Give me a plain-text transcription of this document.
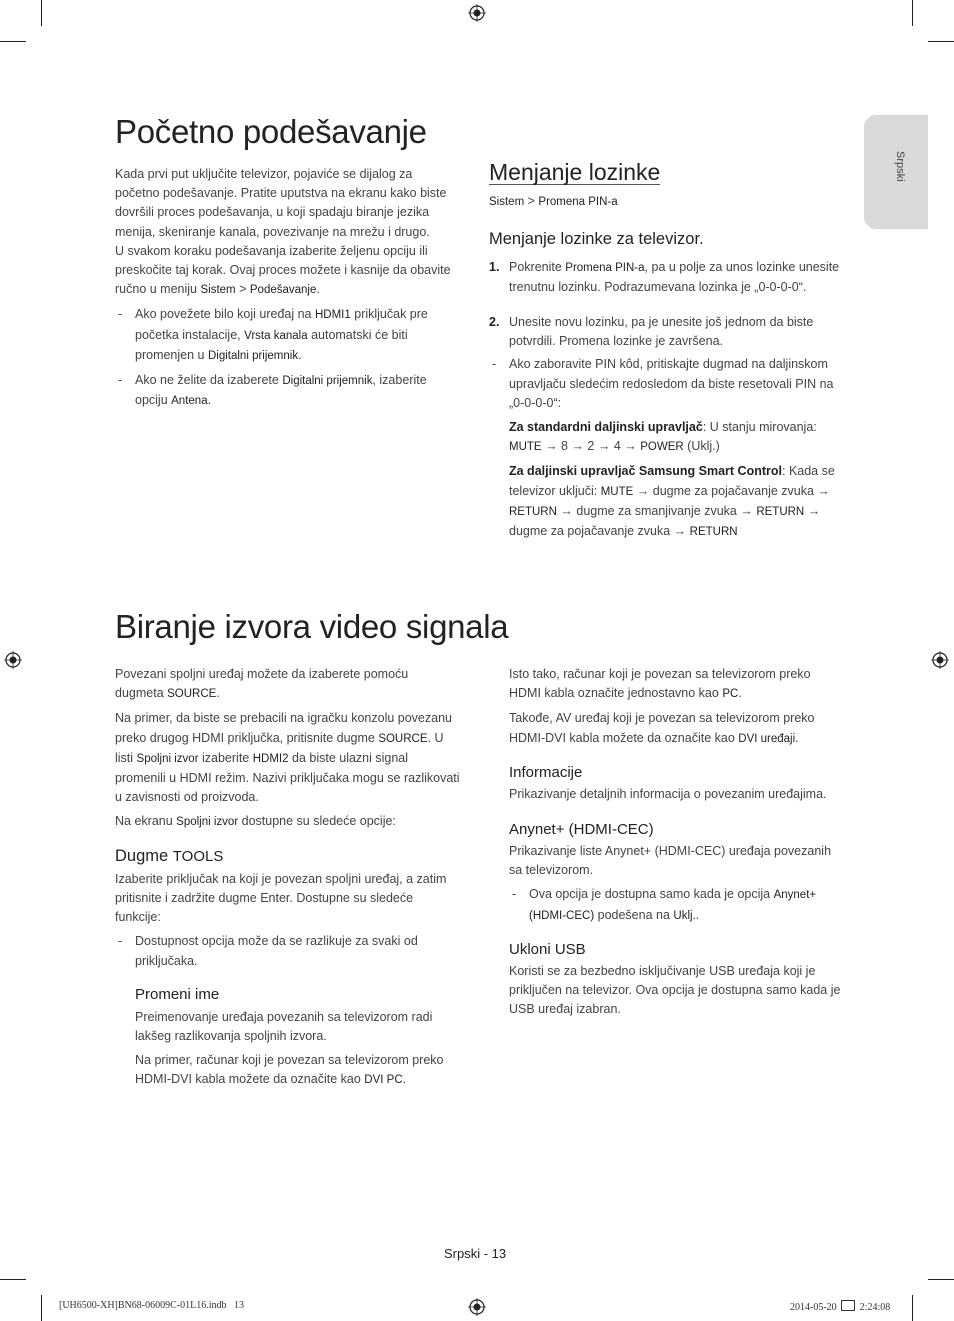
Srpski
Početno podešavanje

Kada prvi put uključite televizor, pojaviće se dijalog za početno podešavanje. Pratite uputstva na ekranu kako biste dovršili proces podešavanja, u koji spadaju biranje jezika menija, skeniranje kanala, povezivanje na mrežu i drugo.

U svakom koraku podešavanja izaberite željenu opciju ili preskočite taj korak. Ovaj proces možete i kasnije da obavite ručno u meniju Sistem > Podešavanje.

- Ako povežete bilo koji uređaj na HDMI1 priključak pre početka instalacije, Vrsta kanala automatski će biti promenjen u Digitalni prijemnik.

- Ako ne želite da izaberete Digitalni prijemnik, izaberite opciju Antena.

Menjanje lozinke

Sistem > Promena PIN-a

Menjanje lozinke za televizor.

1. Pokrenite Promena PIN-a, pa u polje za unos lozinke unesite trenutnu lozinku. Podrazumevana lozinka je „0-0-0-0“.
2. Unesite novu lozinku, pa je unesite još jednom da biste potvrdili. Promena lozinke je završena.

- Ako zaboravite PIN kôd, pritiskajte dugmad na daljinskom upravljaču sledećim redosledom da biste resetovali PIN na „0-0-0-0“:

Za standardni daljinski upravljač: U stanju mirovanja: MUTE → 8 → 2 → 4 → POWER (Uklj.)

Za daljinski upravljač Samsung Smart Control: Kada se televizor uključi: MUTE → dugme za pojačavanje zvuka → RETURN → dugme za smanjivanje zvuka → RETURN → dugme za pojačavanje zvuka → RETURN

Biranje izvora video signala

Povezani spoljni uređaj možete da izaberete pomoću dugmeta SOURCE.

Na primer, da biste se prebacili na igračku konzolu povezanu preko drugog HDMI priključka, pritisnite dugme SOURCE. U listi Spoljni izvor izaberite HDMI2 da biste ulazni signal promenili u HDMI režim. Nazivi priključaka mogu se razlikovati u zavisnosti od proizvoda.

Na ekranu Spoljni izvor dostupne su sledeće opcije:

Dugme TOOLS

Izaberite priključak na koji je povezan spoljni uređaj, a zatim pritisnite i zadržite dugme Enter. Dostupne su sledeće funkcije:

- Dostupnost opcija može da se razlikuje za svaki od priključaka.

Promeni ime

Preimenovanje uređaja povezanih sa televizorom radi lakšeg razlikovanja spoljnih izvora.

Na primer, računar koji je povezan sa televizorom preko HDMI-DVI kabla možete da označite kao DVI PC.

Isto tako, računar koji je povezan sa televizorom preko HDMI kabla označite jednostavno kao PC.

Takođe, AV uređaj koji je povezan sa televizorom preko HDMI-DVI kabla možete da označite kao DVI uređaji.

Informacije

Prikazivanje detaljnih informacija o povezanim uređajima.

Anynet+ (HDMI-CEC)

Prikazivanje liste Anynet+ (HDMI-CEC) uređaja povezanih sa televizorom.

- Ova opcija je dostupna samo kada je opcija Anynet+ (HDMI-CEC) podešena na Uklj..

Ukloni USB

Koristi se za bezbedno isključivanje USB uređaja koji je priključen na televizor. Ova opcija je dostupna samo kada je USB uređaj izabran.

Srpski - 13
[UH6500-XH]BN68-06009C-01L16.indb   13	2014-05-20 2:24:08
